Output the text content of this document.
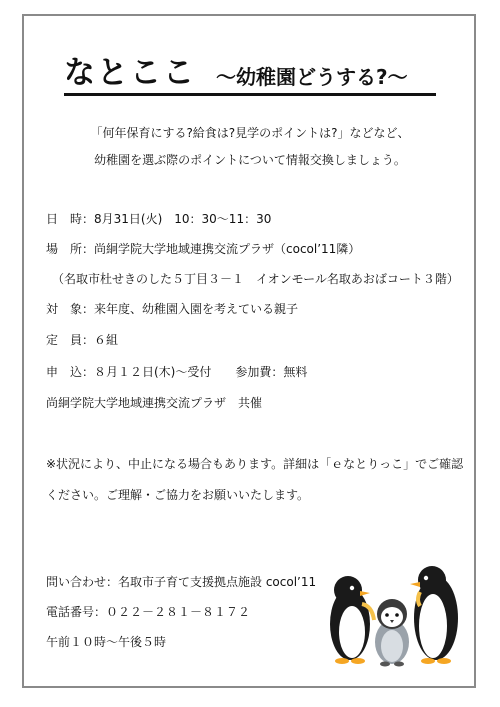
なとここ ～幼稚園どうする?～
「何年保育にする?給食は?見学のポイントは?」などなど、
幼稚園を選ぶ際のポイントについて情報交換しましょう。
日　時：8月31日(火)　10：30～11：30
場　所：尚絅学院大学地域連携交流プラザ（cocol’11隣）
（名取市杜せきのした５丁目３－１　イオンモール名取あおばコート３階）
対　象：来年度、幼稚園入園を考えている親子
定　員：６組
申　込：８月１２日(木)～受付　　参加費：無料
尚絅学院大学地域連携交流プラザ　共催
※状況により、中止になる場合もあります。詳細は「ｅなとりっこ」でご確認
ください。ご理解・ご協力をお願いいたします。
問い合わせ：名取市子育て支援拠点施設 cocol’11
電話番号：０２２－２８１－８１７２
午前１０時～午後５時
